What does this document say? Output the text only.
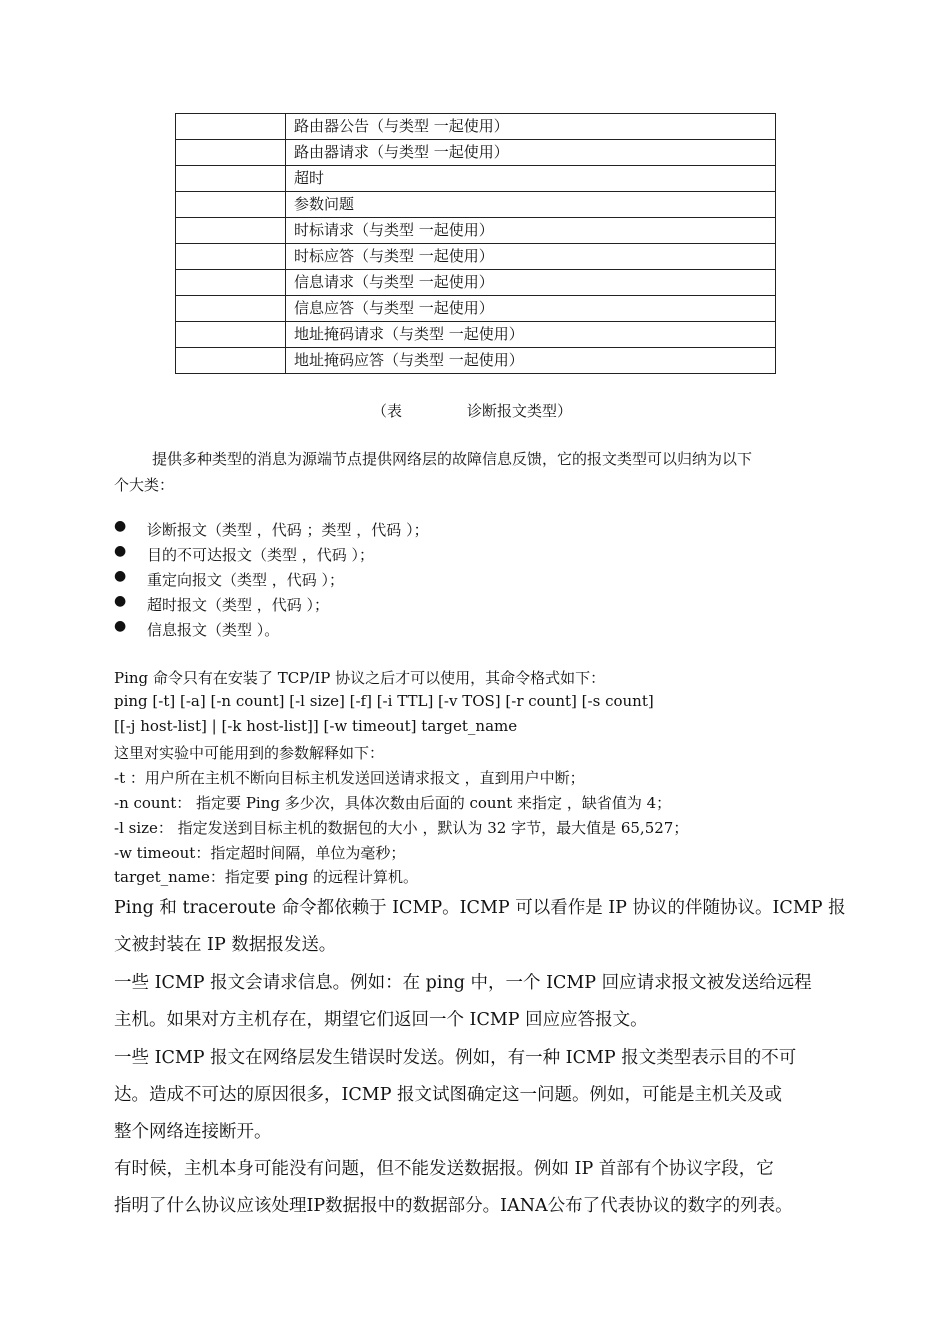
	路由器公告（与类型 一起使用）
	路由器请求（与类型 一起使用）
	超时
	参数问题
	时标请求（与类型 一起使用）
	时标应答（与类型 一起使用）
	信息请求（与类型 一起使用）
	信息应答（与类型 一起使用）
	地址掩码请求（与类型 一起使用）
	地址掩码应答（与类型 一起使用）
（表	诊断报文类型）
提供多种类型的消息为源端节点提供网络层的故障信息反馈，它的报文类型可以归纳为以下
个大类：
● 诊断报文（类型 ，代码 ；类型 ，代码 ）；
● 目的不可达报文（类型 ，代码 ）；
● 重定向报文（类型 ，代码 ）；
● 超时报文（类型 ，代码 ）；
● 信息报文（类型 ）。
Ping 命令只有在安装了 TCP/IP 协议之后才可以使用，其命令格式如下：
ping [-t] [-a] [-n count] [-l size] [-f] [-i TTL] [-v TOS] [-r count] [-s count]
[[-j host-list] | [-k host-list]] [-w timeout] target_name
这里对实验中可能用到的参数解释如下：
-t ：用户所在主机不断向目标主机发送回送请求报文 ，直到用户中断；
-n count： 指定要 Ping 多少次，具体次数由后面的 count 来指定 ，缺省值为 4；
-l size： 指定发送到目标主机的数据包的大小 ，默认为 32 字节，最大值是 65,527；
-w timeout：指定超时间隔，单位为毫秒；
target_name：指定要 ping 的远程计算机。
Ping 和 traceroute 命令都依赖于 ICMP。ICMP 可以看作是 IP 协议的伴随协议。ICMP 报
文被封装在 IP 数据报发送。
一些 ICMP 报文会请求信息。例如：在 ping 中，一个 ICMP 回应请求报文被发送给远程
主机。如果对方主机存在，期望它们返回一个 ICMP 回应应答报文。
一些 ICMP 报文在网络层发生错误时发送。例如，有一种 ICMP 报文类型表示目的不可
达。造成不可达的原因很多，ICMP 报文试图确定这一问题。例如，可能是主机关及或
整个网络连接断开。
有时候，主机本身可能没有问题，但不能发送数据报。例如 IP 首部有个协议字段，它
指明了什么协议应该处理IP数据报中的数据部分。IANA公布了代表协议的数字的列表。
